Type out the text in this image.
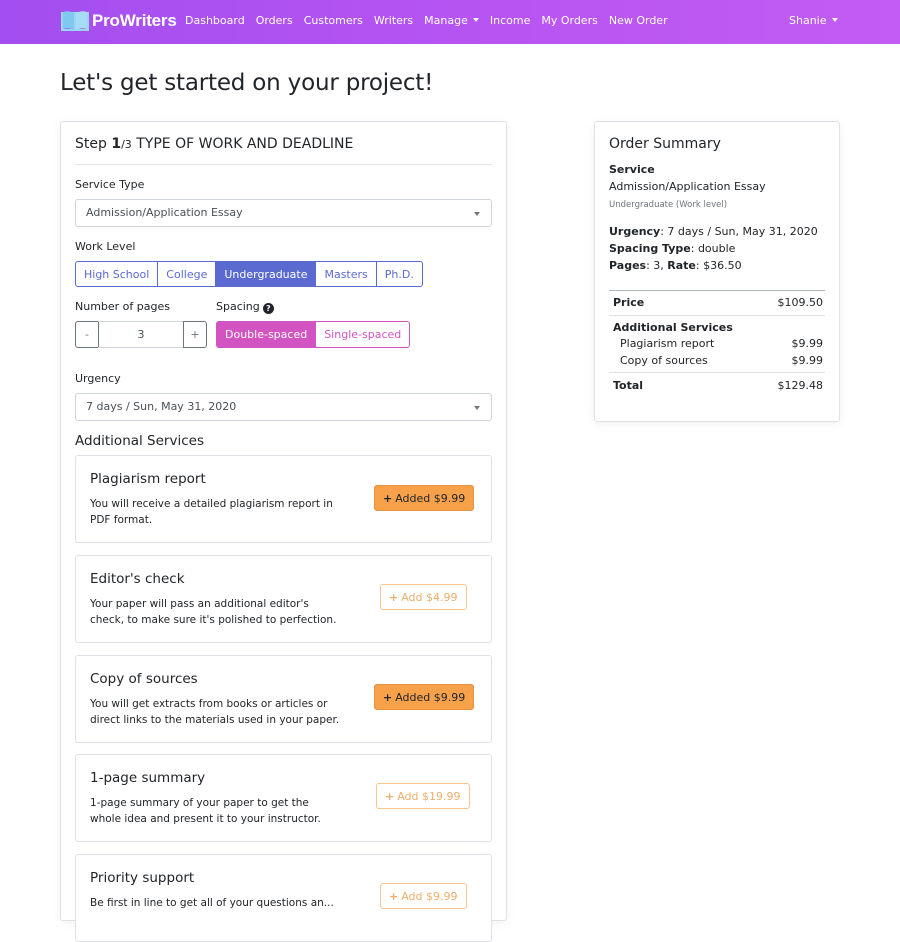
ProWriters Dashboard Orders Customers Writers Manage	Income My Orders New Order	Shanie
Let's get started on your project!
Step 1/3 TYPE OF WORK AND DEADLINE
Service Type
Admission/Application Essay
Work Level
High School	College	Undergraduate	Masters	Ph.D.
Number of pages	Spacing ?
-	3	+	Double-spaced	Single-spaced
Urgency
7 days / Sun, May 31, 2020
Additional Services
Plagiarism report
You will receive a detailed plagiarism report in PDF format.
+ Added $9.99
Editor's check
Your paper will pass an additional editor's check, to make sure it's polished to perfection.
+ Add $4.99
Copy of sources
You will get extracts from books or articles or direct links to the materials used in your paper.
+ Added $9.99
1-page summary
1-page summary of your paper to get the whole idea and present it to your instructor.
+ Add $19.99
Priority support
Be first in line to get all of your questions an...	+ Add $9.99
Order Summary
Service
Admission/Application Essay
Undergraduate (Work level)
Urgency: 7 days / Sun, May 31, 2020
Spacing Type: double
Pages: 3, Rate: $36.50
Price	$109.50
Additional Services
Plagiarism report	$9.99
Copy of sources	$9.99
Total	$129.48
